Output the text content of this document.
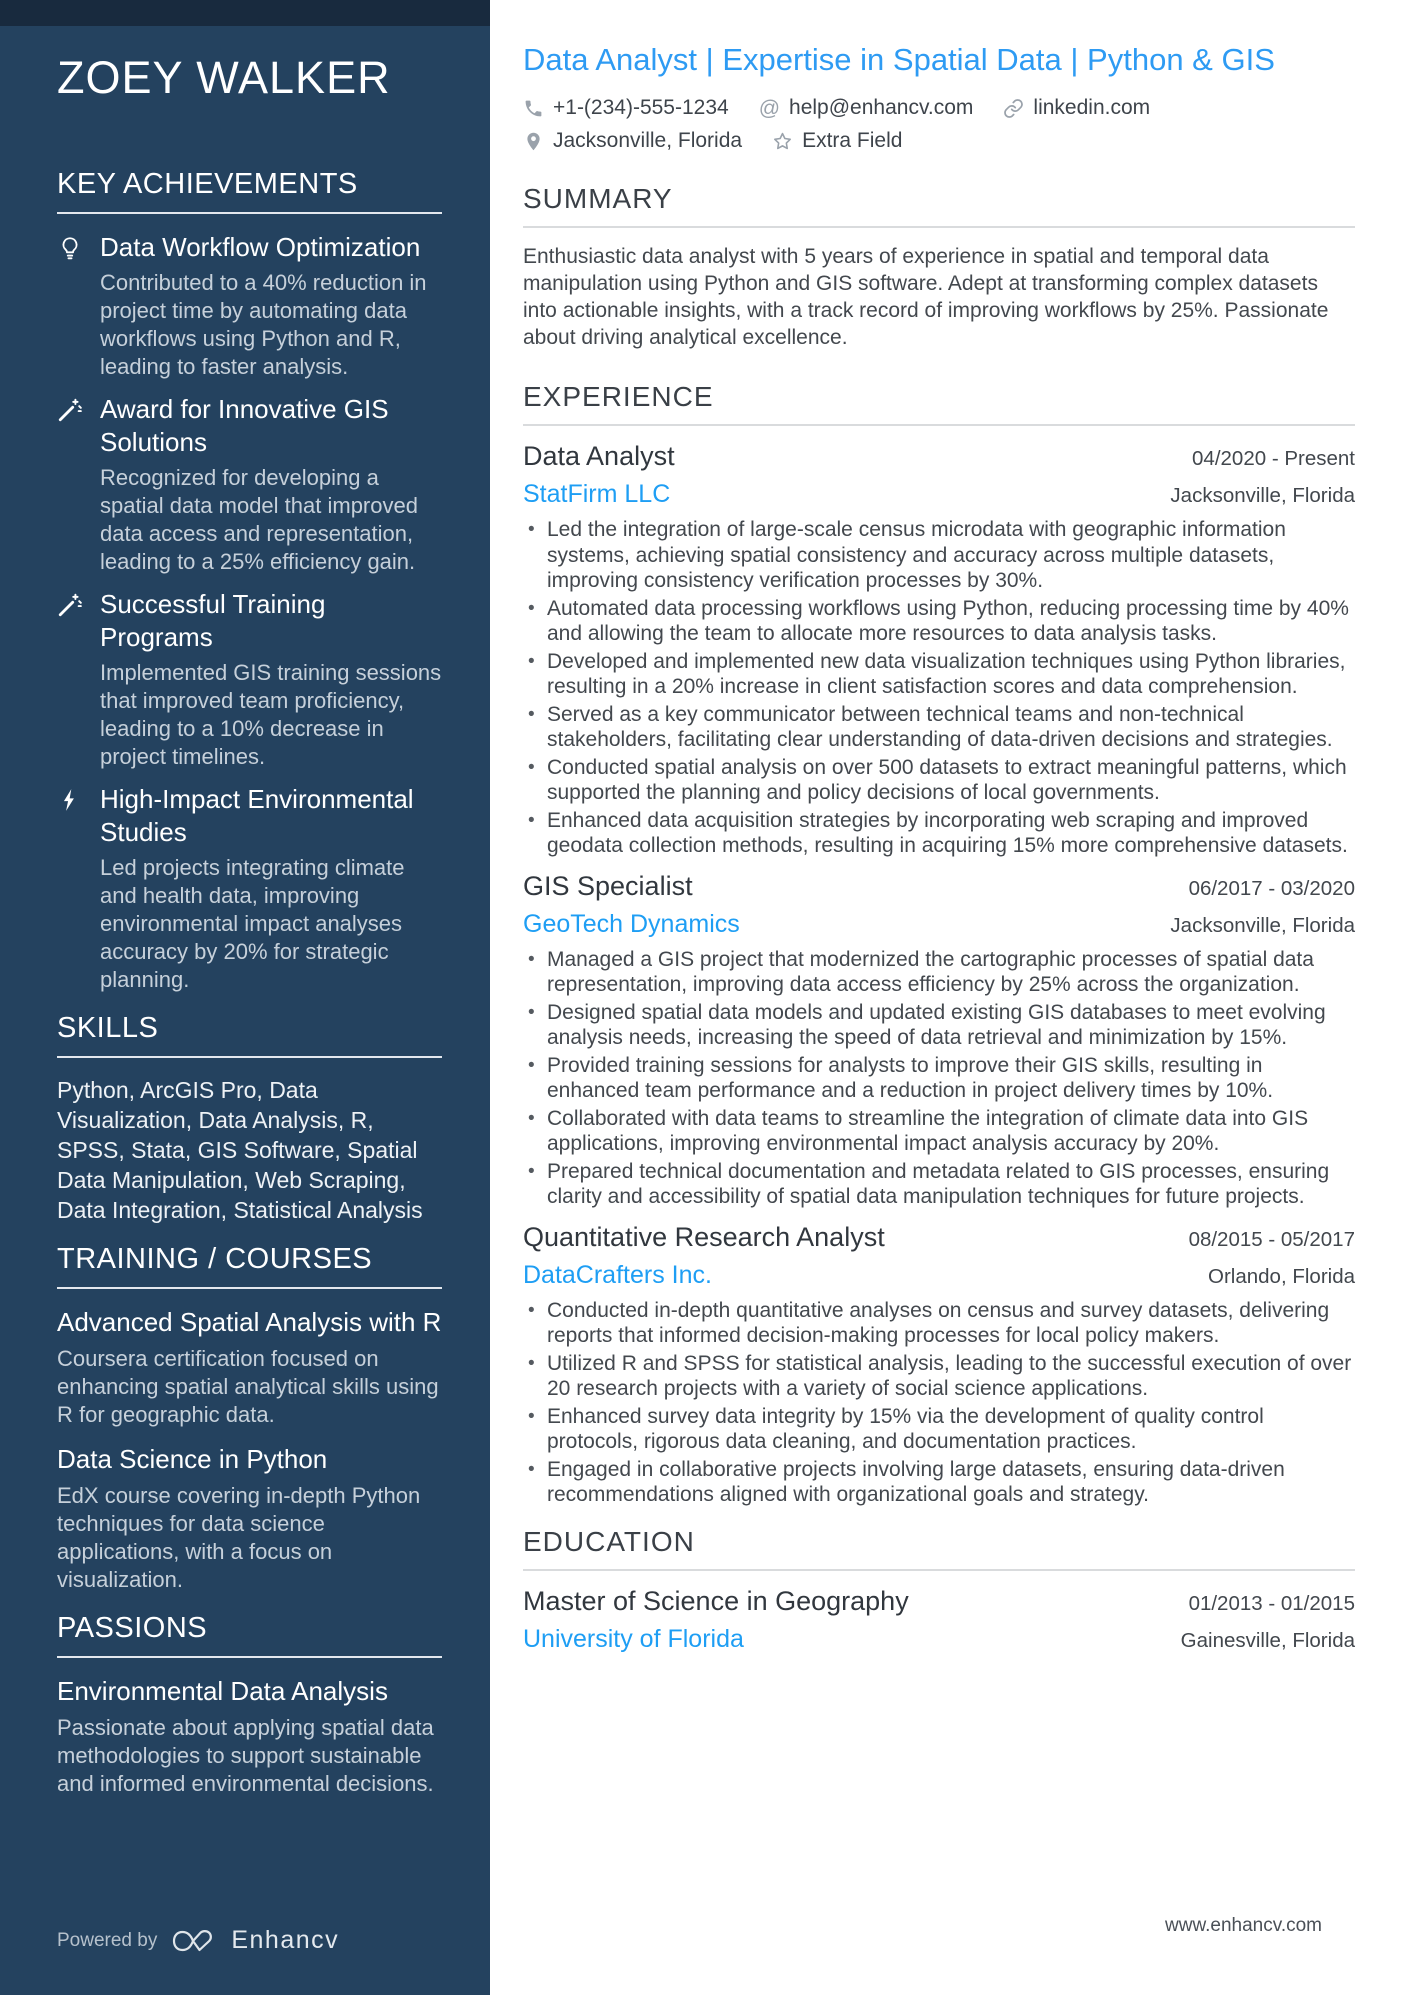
ZOEY WALKER
KEY ACHIEVEMENTS
Data Workflow Optimization
Contributed to a 40% reduction in project time by automating data workflows using Python and R, leading to faster analysis.
Award for Innovative GIS Solutions
Recognized for developing a spatial data model that improved data access and representation, leading to a 25% efficiency gain.
Successful Training Programs
Implemented GIS training sessions that improved team proficiency, leading to a 10% decrease in project timelines.
High-Impact Environmental Studies
Led projects integrating climate and health data, improving environmental impact analyses accuracy by 20% for strategic planning.
SKILLS
Python, ArcGIS Pro, Data Visualization, Data Analysis, R, SPSS, Stata, GIS Software, Spatial Data Manipulation, Web Scraping, Data Integration, Statistical Analysis
TRAINING / COURSES
Advanced Spatial Analysis with R
Coursera certification focused on enhancing spatial analytical skills using R for geographic data.
Data Science in Python
EdX course covering in-depth Python techniques for data science applications, with a focus on visualization.
PASSIONS
Environmental Data Analysis
Passionate about applying spatial data methodologies to support sustainable and informed environmental decisions.
Powered by	Enhancv
Data Analyst | Expertise in Spatial Data | Python & GIS
+1-(234)-555-1234 @ help@enhancv.com	linkedin.com
Jacksonville, Florida	Extra Field
SUMMARY

Enthusiastic data analyst with 5 years of experience in spatial and temporal data manipulation using Python and GIS software. Adept at transforming complex datasets into actionable insights, with a track record of improving workflows by 25%. Passionate about driving analytical excellence.

EXPERIENCE
Data Analyst	04/2020 - Present
StatFirm LLC	Jacksonville, Florida
• Led the integration of large-scale census microdata with geographic information systems, achieving spatial consistency and accuracy across multiple datasets, improving consistency verification processes by 30%.
• Automated data processing workflows using Python, reducing processing time by 40% and allowing the team to allocate more resources to data analysis tasks.
• Developed and implemented new data visualization techniques using Python libraries, resulting in a 20% increase in client satisfaction scores and data comprehension.
• Served as a key communicator between technical teams and non-technical stakeholders, facilitating clear understanding of data-driven decisions and strategies.
• Conducted spatial analysis on over 500 datasets to extract meaningful patterns, which supported the planning and policy decisions of local governments.
• Enhanced data acquisition strategies by incorporating web scraping and improved geodata collection methods, resulting in acquiring 15% more comprehensive datasets.
GIS Specialist	06/2017 - 03/2020
GeoTech Dynamics	Jacksonville, Florida
• Managed a GIS project that modernized the cartographic processes of spatial data representation, improving data access efficiency by 25% across the organization.
• Designed spatial data models and updated existing GIS databases to meet evolving analysis needs, increasing the speed of data retrieval and minimization by 15%.
• Provided training sessions for analysts to improve their GIS skills, resulting in enhanced team performance and a reduction in project delivery times by 10%.
• Collaborated with data teams to streamline the integration of climate data into GIS applications, improving environmental impact analysis accuracy by 20%.
• Prepared technical documentation and metadata related to GIS processes, ensuring clarity and accessibility of spatial data manipulation techniques for future projects.
Quantitative Research Analyst	08/2015 - 05/2017
DataCrafters Inc.	Orlando, Florida
• Conducted in-depth quantitative analyses on census and survey datasets, delivering reports that informed decision-making processes for local policy makers.
• Utilized R and SPSS for statistical analysis, leading to the successful execution of over 20 research projects with a variety of social science applications.
• Enhanced survey data integrity by 15% via the development of quality control protocols, rigorous data cleaning, and documentation practices.
• Engaged in collaborative projects involving large datasets, ensuring data-driven recommendations aligned with organizational goals and strategy.
EDUCATION
Master of Science in Geography	01/2013 - 01/2015
University of Florida	Gainesville, Florida
www.enhancv.com
